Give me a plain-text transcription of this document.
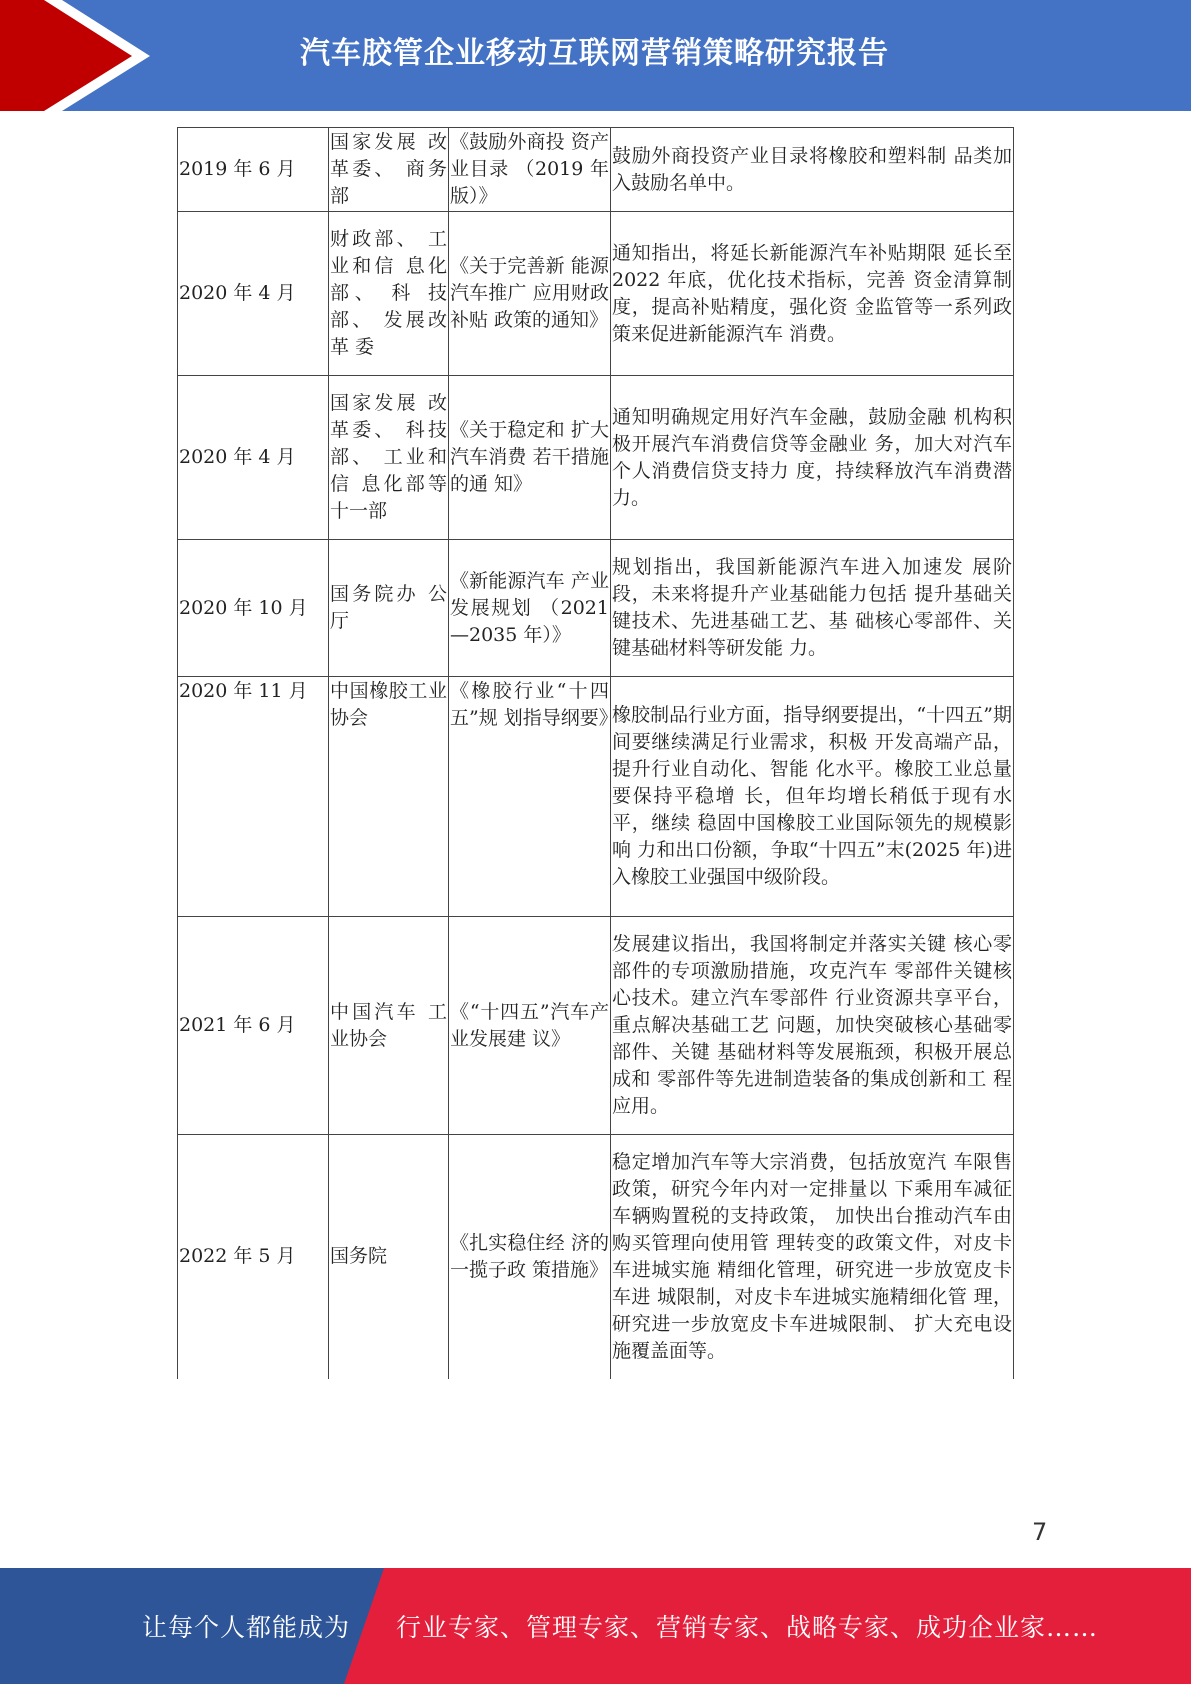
汽车胶管企业移动互联网营销策略研究报告
2019 年 6 月	国家发展 改革委、 商务部	《鼓励外商投 资产业目录 （2019 年版）》	鼓励外商投资产业目录将橡胶和塑料制 品类加入鼓励名单中。
2020 年 4 月	财政部、 工业和信 息化部、 科 技部、 发展改革 委	《关于完善新 能源汽车推广 应用财政补贴 政策的通知》	通知指出，将延长新能源汽车补贴期限 延长至 2022 年底，优化技术指标，完善 资金清算制度，提高补贴精度，强化资 金监管等一系列政策来促进新能源汽车 消费。
2020 年 4 月	国家发展 改革委、 科技部、 工业和信 息化部等十一部	《关于稳定和 扩大汽车消费 若干措施的通 知》	通知明确规定用好汽车金融，鼓励金融 机构积极开展汽车消费信贷等金融业 务，加大对汽车个人消费信贷支持力 度，持续释放汽车消费潜力。
2020 年 10 月	国务院办 公厅	《新能源汽车 产业发展规划 （2021—2035 年）》	规划指出，我国新能源汽车进入加速发 展阶段，未来将提升产业基础能力包括 提升基础关键技术、先进基础工艺、基 础核心零部件、关键基础材料等研发能 力。
2020 年 11 月	中国橡胶工业协会	《橡胶行业“十四五”规 划指导纲要》	橡胶制品行业方面，指导纲要提出，“十四五”期间要继续满足行业需求，积极 开发高端产品，提升行业自动化、智能 化水平。橡胶工业总量要保持平稳增 长，但年均增长稍低于现有水平，继续 稳固中国橡胶工业国际领先的规模影响 力和出口份额，争取“十四五”末(2025 年)进入橡胶工业强国中级阶段。
2021 年 6 月	中国汽车 工业协会	《“十四五”汽车产业发展建 议》	发展建议指出，我国将制定并落实关键 核心零部件的专项激励措施，攻克汽车 零部件关键核心技术。建立汽车零部件 行业资源共享平台，重点解决基础工艺 问题，加快突破核心基础零部件、关键 基础材料等发展瓶颈，积极开展总成和 零部件等先进制造装备的集成创新和工 程应用。
2022 年 5 月	国务院	《扎实稳住经 济的一揽子政 策措施》	稳定增加汽车等大宗消费，包括放宽汽 车限售政策，研究今年内对一定排量以 下乘用车减征车辆购置税的支持政策， 加快出台推动汽车由购买管理向使用管 理转变的政策文件，对皮卡车进城实施 精细化管理，研究进一步放宽皮卡车进 城限制，对皮卡车进城实施精细化管 理，研究进一步放宽皮卡车进城限制、 扩大充电设施覆盖面等。
7
让每个人都能成为 行业专家、管理专家、营销专家、战略专家、成功企业家……
